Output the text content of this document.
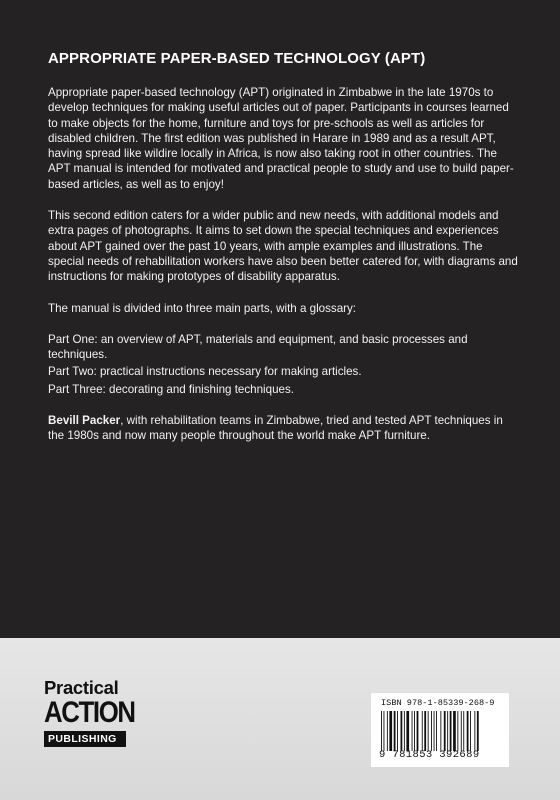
APPROPRIATE PAPER-BASED TECHNOLOGY (APT)

Appropriate paper-based technology (APT) originated in Zimbabwe in the late 1970s to develop techniques for making useful articles out of paper. Participants in courses learned to make objects for the home, furniture and toys for pre-schools as well as articles for disabled children. The first edition was published in Harare in 1989 and as a result APT, having spread like wildire locally in Africa, is now also taking root in other countries. The APT manual is intended for motivated and practical people to study and use to build paper-based articles, as well as to enjoy!

This second edition caters for a wider public and new needs, with additional models and extra pages of photographs. It aims to set down the special techniques and experiences about APT gained over the past 10 years, with ample examples and illustrations. The special needs of rehabilitation workers have also been better catered for, with diagrams and instructions for making prototypes of disability apparatus.

The manual is divided into three main parts, with a glossary:

Part One: an overview of APT, materials and equipment, and basic processes and techniques.

Part Two: practical instructions necessary for making articles.

Part Three: decorating and finishing techniques.

Bevill Packer, with rehabilitation teams in Zimbabwe, tried and tested APT techniques in the 1980s and now many people throughout the world make APT furniture.

Practical
ACTION
PUBLISHING
ISBN 978-1-85339-268-9
9 781853 392689
